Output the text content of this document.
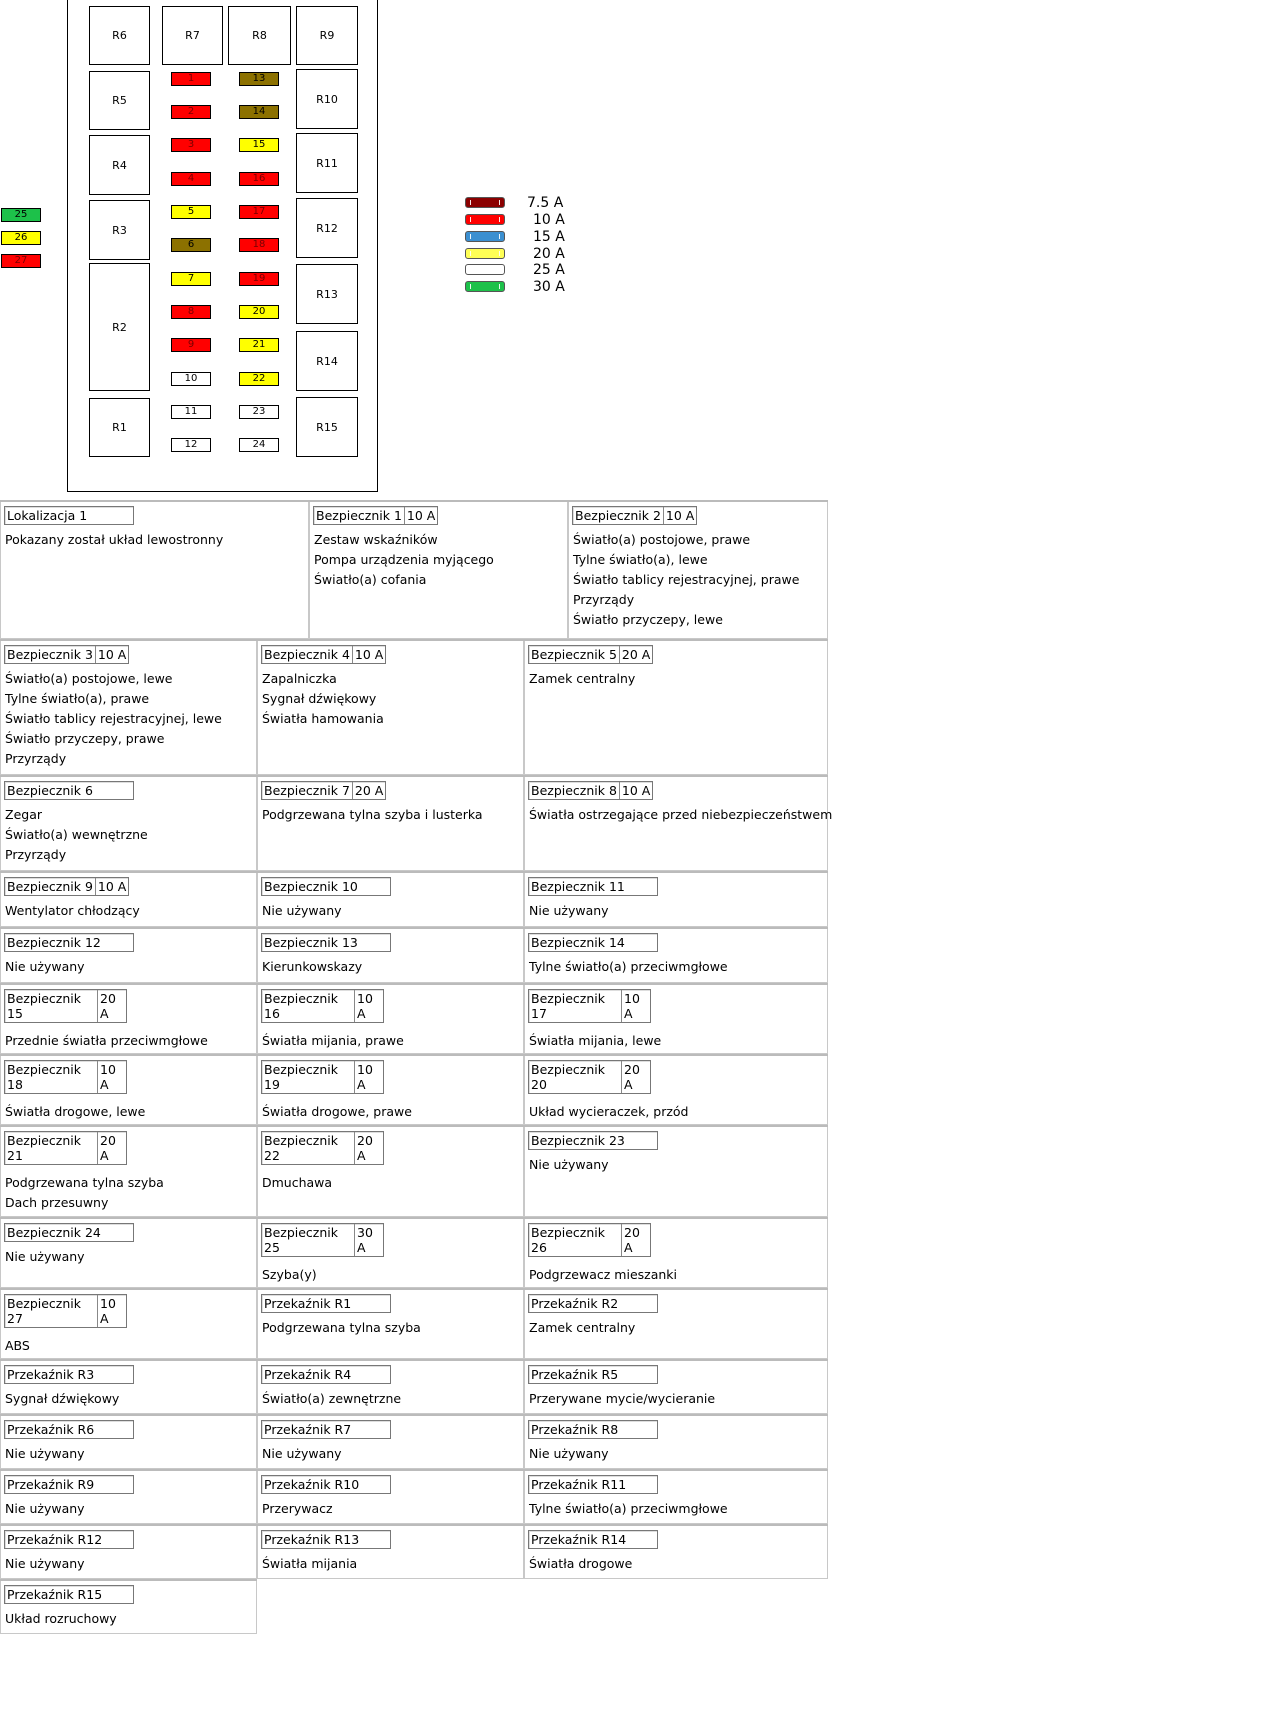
R6	R7	R8	R9
R5
R4
R3
R2
R1
R10
R11
R12
R13
R14
R15
1
2
3
4
5
6
7
8
9
10
11
12
13
14
15
16
17
18
19
20
21
22
23
24
25
26
27
7.5 A
10 A
15 A
20 A
25 A
30 A
Lokalizacja 1
Pokazany został układ lewostronny
Bezpiecznik 1 10 A
Zestaw wskaźników
Pompa urządzenia myjącego
Światło(a) cofania
Bezpiecznik 2 10 A
Światło(a) postojowe, prawe
Tylne światło(a), lewe
Światło tablicy rejestracyjnej, prawe
Przyrządy
Światło przyczepy, lewe
Bezpiecznik 3 10 A
Światło(a) postojowe, lewe
Tylne światło(a), prawe
Światło tablicy rejestracyjnej, lewe
Światło przyczepy, prawe
Przyrządy
Bezpiecznik 4 10 A
Zapalniczka
Sygnał dźwiękowy
Światła hamowania
Bezpiecznik 5 20 A
Zamek centralny
Bezpiecznik 6
Zegar
Światło(a) wewnętrzne
Przyrządy
Bezpiecznik 7 20 A
Podgrzewana tylna szyba i lusterka
Bezpiecznik 8 10 A
Światła ostrzegające przed niebezpieczeństwem
Bezpiecznik 9 10 A
Wentylator chłodzący
Bezpiecznik 10
Nie używany
Bezpiecznik 11
Nie używany
Bezpiecznik 12
Nie używany
Bezpiecznik 13
Kierunkowskazy
Bezpiecznik 14
Tylne światło(a) przeciwmgłowe
Bezpiecznik 15
20 A
Przednie światła przeciwmgłowe
Bezpiecznik 16
10 A
Światła mijania, prawe
Bezpiecznik 17
10 A
Światła mijania, lewe
Bezpiecznik 18
10 A
Światła drogowe, lewe
Bezpiecznik 19
10 A
Światła drogowe, prawe
Bezpiecznik 20
20 A
Układ wycieraczek, przód
Bezpiecznik 21
20 A
Podgrzewana tylna szyba
Dach przesuwny
Bezpiecznik 22
20 A
Dmuchawa
Bezpiecznik 23
Nie używany
Bezpiecznik 24
Nie używany
Bezpiecznik 25
30 A
Szyba(y)
Bezpiecznik 26
20 A
Podgrzewacz mieszanki
Bezpiecznik 27
10 A
ABS
Przekaźnik R1
Podgrzewana tylna szyba
Przekaźnik R2
Zamek centralny
Przekaźnik R3
Sygnał dźwiękowy
Przekaźnik R4
Światło(a) zewnętrzne
Przekaźnik R5
Przerywane mycie/wycieranie
Przekaźnik R6
Nie używany
Przekaźnik R7
Nie używany
Przekaźnik R8
Nie używany
Przekaźnik R9
Nie używany
Przekaźnik R10
Przerywacz
Przekaźnik R11
Tylne światło(a) przeciwmgłowe
Przekaźnik R12
Nie używany
Przekaźnik R13
Światła mijania
Przekaźnik R14
Światła drogowe
Przekaźnik R15
Układ rozruchowy
